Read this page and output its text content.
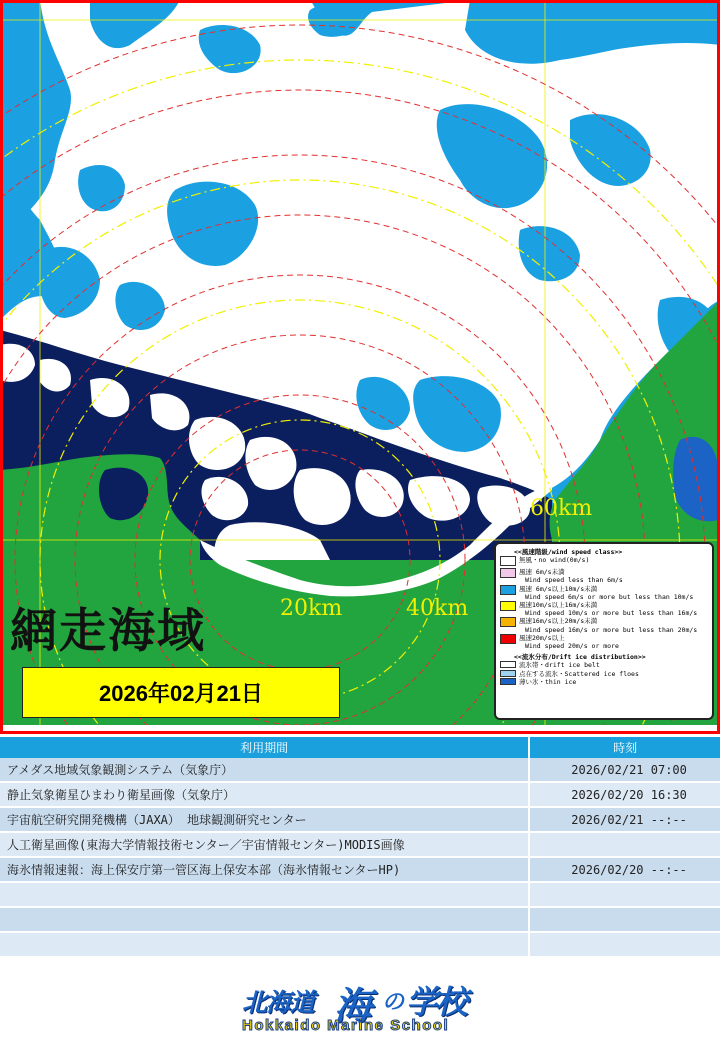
20km	40km
60km
網走海域
2026年02月21日
<<風速階級/wind speed class>>
無風・no wind(0m/s)
風速 6m/s未満
Wind speed less than 6m/s
風速 6m/s以上10m/s未満
Wind speed 6m/s or more but less than 10m/s
風速10m/s以上16m/s未満
Wind speed 10m/s or more but less than 16m/s
風速16m/s以上20m/s未満
Wind speed 16m/s or more but less than 20m/s
風速20m/s以上
Wind speed 20m/s or more
<<流氷分布/Drift ice distribution>>
流氷帯・drift ice belt
点在する流氷・Scattered ice floes
薄い氷・thin ice
利用期間	時刻
アメダス地域気象観測システム（気象庁）	2026/02/21 07:00
静止気象衛星ひまわり衛星画像（気象庁）	2026/02/20 16:30
宇宙航空研究開発機構（JAXA） 地球観測研究センター	2026/02/21 --:--
人工衛星画像(東海大学情報技術センター／宇宙情報センター)MODIS画像	
海氷情報速報：海上保安庁第一管区海上保安本部（海氷情報センターHP)	2026/02/20 --:--

北海道 海 の 学校
Hokkaido Marine School
